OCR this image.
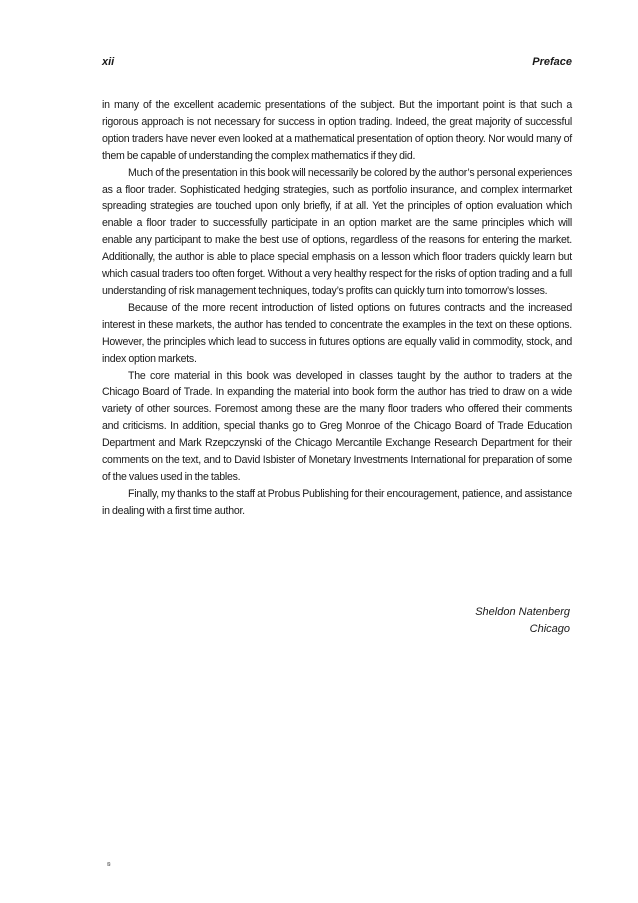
xii	Preface

in many of the excellent academic presentations of the subject. But the important point is that such a rigorous approach is not necessary for success in option trading. Indeed, the great majority of successful option traders have never even looked at a mathematical presentation of option theory. Nor would many of them be capable of understanding the complex mathematics if they did.

Much of the presentation in this book will necessarily be colored by the author’s personal experiences as a floor trader. Sophisticated hedging strategies, such as portfolio insurance, and complex intermarket spreading strategies are touched upon only briefly, if at all. Yet the principles of option evaluation which enable a floor trader to successfully participate in an option market are the same principles which will enable any participant to make the best use of options, regardless of the reasons for entering the market. Additionally, the author is able to place special emphasis on a lesson which floor traders quickly learn but which casual traders too often forget. Without a very healthy respect for the risks of option trading and a full understanding of risk management techniques, today’s profits can quickly turn into tomorrow’s losses.

Because of the more recent introduction of listed options on futures contracts and the increased interest in these markets, the author has tended to concentrate the examples in the text on these options. However, the principles which lead to success in futures options are equally valid in commodity, stock, and index option markets.

The core material in this book was developed in classes taught by the author to traders at the Chicago Board of Trade. In expanding the material into book form the author has tried to draw on a wide variety of other sources. Foremost among these are the many floor traders who offered their comments and criticisms. In addition, special thanks go to Greg Monroe of the Chicago Board of Trade Education Department and Mark Rzepczynski of the Chicago Mercantile Exchange Research Department for their comments on the text, and to David Isbister of Monetary Investments International for preparation of some of the values used in the tables.

Finally, my thanks to the staff at Probus Publishing for their encouragement, patience, and assistance in dealing with a first time author.

Sheldon Natenberg
Chicago
ꞩ
